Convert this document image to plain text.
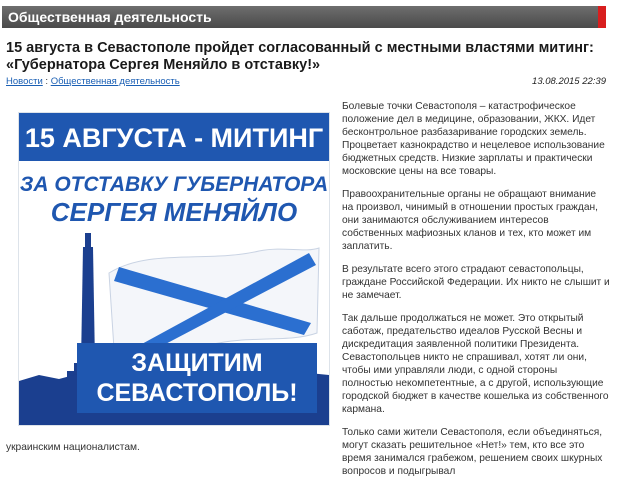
Общественная деятельность
15 августа в Севастополе пройдет согласованный с местными властями митинг: «Губернатора Сергея Меняйло в отставку!»
Новости : Общественная деятельность	13.08.2015 22:39
15 АВГУСТА - МИТИНГ
ЗА ОТСТАВКУ ГУБЕРНАТОРА
СЕРГЕЯ МЕНЯЙЛО
ЗАЩИТИМ
СЕВАСТОПОЛЬ!

Болевые точки Севастополя – катастрофическое положение дел в медицине, образовании, ЖКХ. Идет бесконтрольное разбазаривание городских земель. Процветает казнокрадство и нецелевое использование бюджетных средств. Низкие зарплаты и практически московские цены на все товары.

Правоохранительные органы не обращают внимание на произвол, чинимый в отношении простых граждан, они занимаются обслуживанием интересов собственных мафиозных кланов и тех, кто может им заплатить.

В результате всего этого страдают севастопольцы, граждане Российской Федерации. Их никто не слышит и не замечает.

Так дальше продолжаться не может. Это открытый саботаж, предательство идеалов Русской Весны и дискредитация заявленной политики Президента. Севастопольцев никто не спрашивал, хотят ли они, чтобы ими управляли люди, с одной стороны полностью некомпетентные, а с другой, использующие городской бюджет в качестве кошелька из собственного кармана.

Только сами жители Севастополя, если объединяться, могут сказать решительное «Нет!» тем, кто все это время занимался грабежом, решением своих шкурных вопросов и подыгрывал

украинским националистам.
